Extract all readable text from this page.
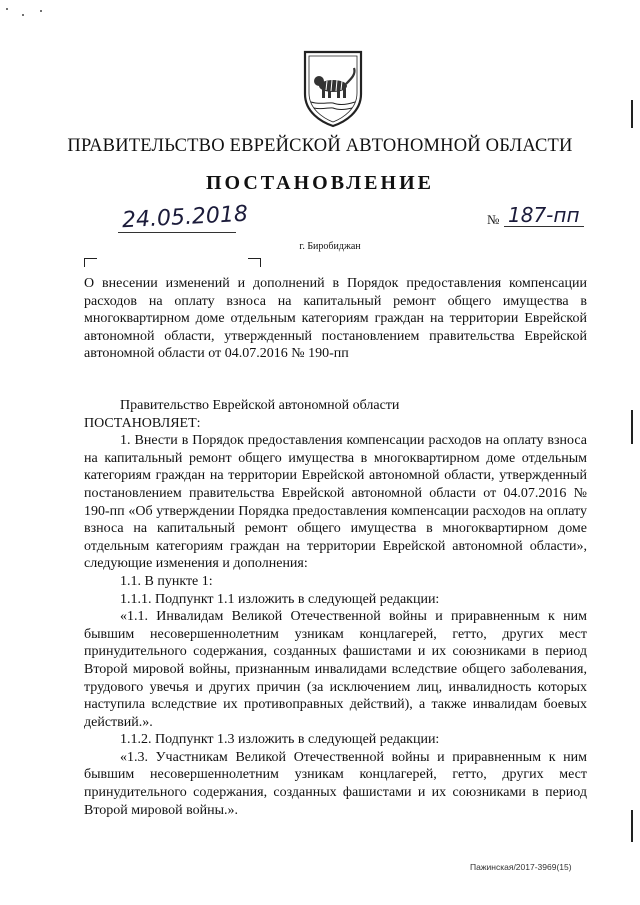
ПРАВИТЕЛЬСТВО ЕВРЕЙСКОЙ АВТОНОМНОЙ ОБЛАСТИ
ПОСТАНОВЛЕНИЕ
24.05.2018	№ 187-пп
г. Биробиджан
О внесении изменений и дополнений в Порядок предоставления компенсации расходов на оплату взноса на капитальный ремонт общего имущества в многоквартирном доме отдельным категориям граждан на территории Еврейской автономной области, утвержденный постановлением правительства Еврейской автономной области от 04.07.2016 № 190-пп

Правительство Еврейской автономной области

ПОСТАНОВЛЯЕТ:

1. Внести в Порядок предоставления компенсации расходов на оплату взноса на капитальный ремонт общего имущества в многоквартирном доме отдельным категориям граждан на территории Еврейской автономной области, утвержденный постановлением правительства Еврейской автономной области от 04.07.2016 № 190-пп «Об утверждении Порядка предоставления компенсации расходов на оплату взноса на капитальный ремонт общего имущества в многоквартирном доме отдельным категориям граждан на территории Еврейской автономной области», следующие изменения и дополнения:

1.1. В пункте 1:

1.1.1. Подпункт 1.1 изложить в следующей редакции:

«1.1. Инвалидам Великой Отечественной войны и приравненным к ним бывшим несовершеннолетним узникам концлагерей, гетто, других мест принудительного содержания, созданных фашистами и их союзниками в период Второй мировой войны, признанным инвалидами вследствие общего заболевания, трудового увечья и других причин (за исключением лиц, инвалидность которых наступила вследствие их противоправных действий), а также инвалидам боевых действий.».

1.1.2. Подпункт 1.3 изложить в следующей редакции:

«1.3. Участникам Великой Отечественной войны и приравненным к ним бывшим несовершеннолетним узникам концлагерей, гетто, других мест принудительного содержания, созданных фашистами и их союзниками в период Второй мировой войны.».

Пажинская/2017-3969(15)
